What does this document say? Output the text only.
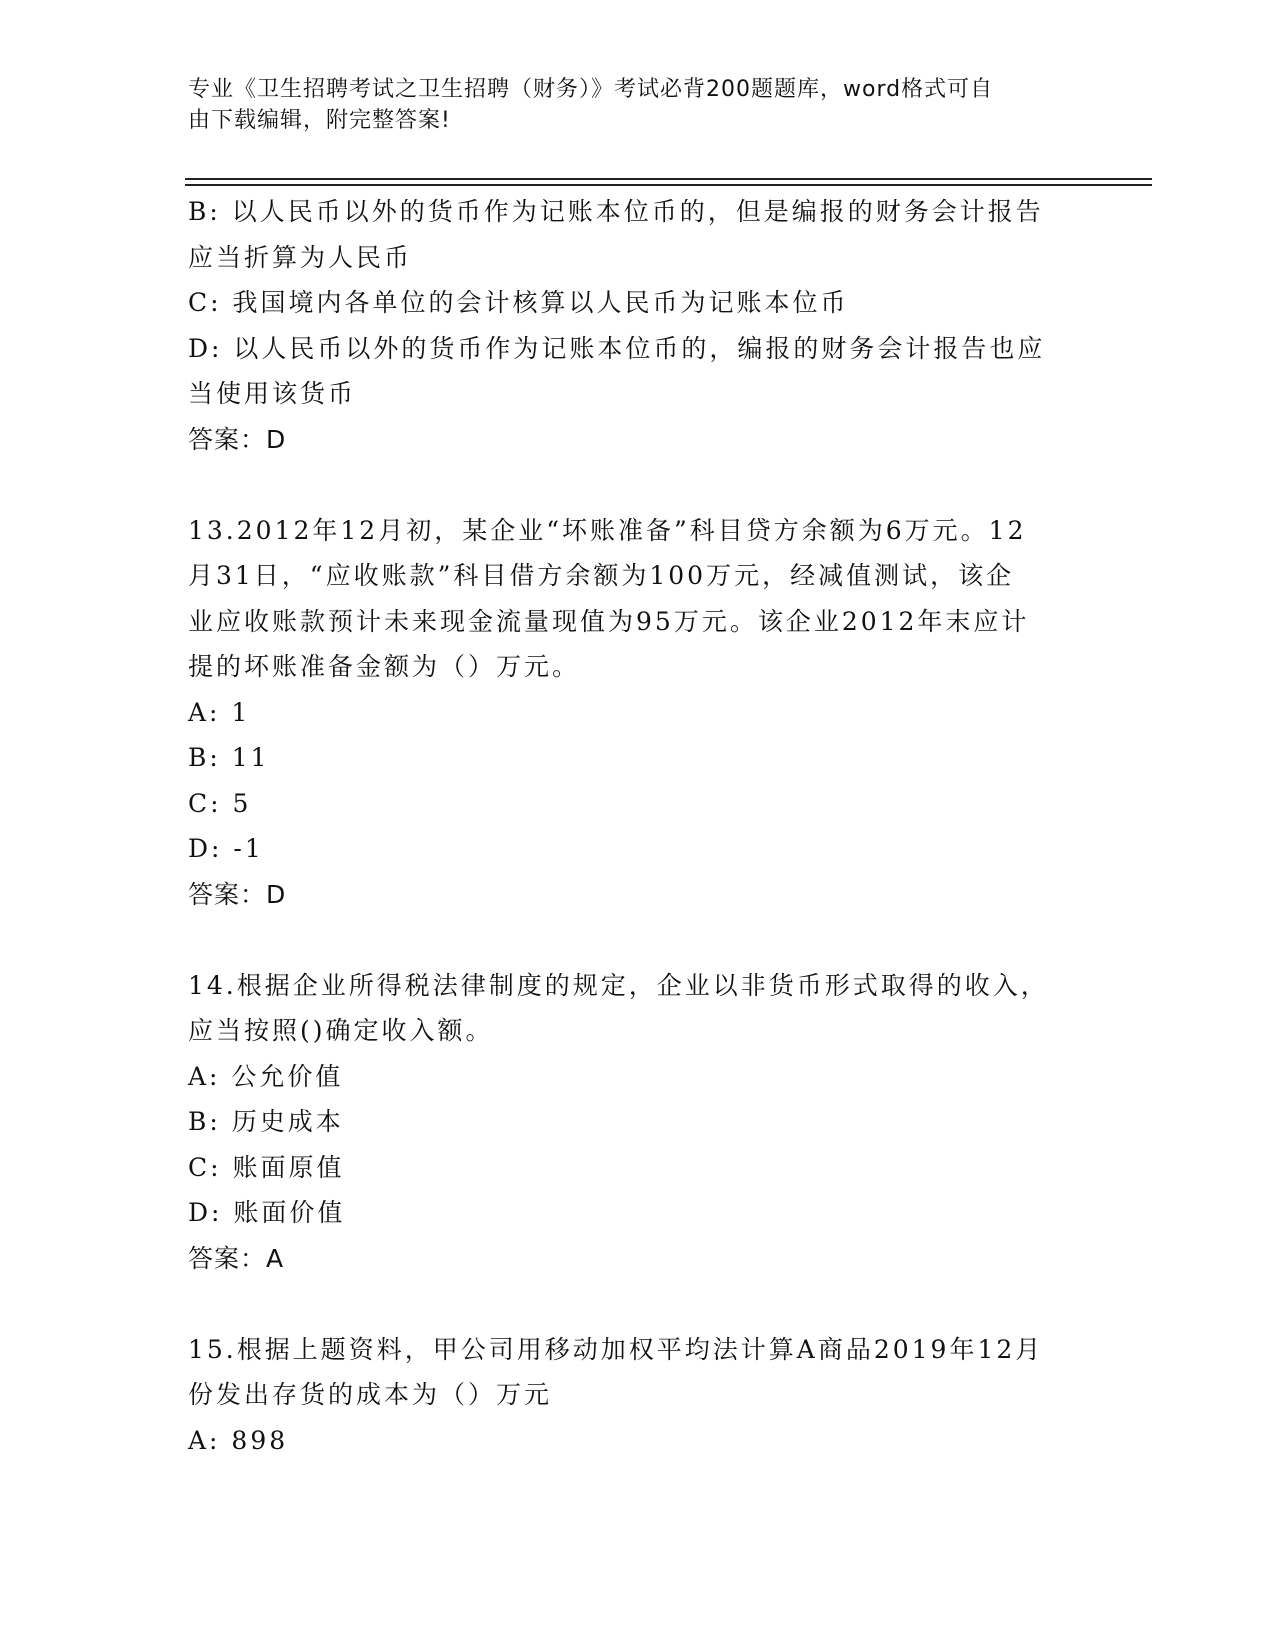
专业《卫生招聘考试之卫生招聘（财务）》考试必背200题题库，word格式可自
由下载编辑，附完整答案!
B: 以人民币以外的货币作为记账本位币的，但是编报的财务会计报告
应当折算为人民币
C: 我国境内各单位的会计核算以人民币为记账本位币
D: 以人民币以外的货币作为记账本位币的，编报的财务会计报告也应
当使用该货币
答案：D
13.2012年12月初，某企业“坏账准备”科目贷方余额为6万元。12
月31日，“应收账款”科目借方余额为100万元，经减值测试，该企
业应收账款预计未来现金流量现值为95万元。该企业2012年末应计
提的坏账准备金额为（）万元。
A: 1
B: 11
C: 5
D: -1
答案：D
14.根据企业所得税法律制度的规定，企业以非货币形式取得的收入，
应当按照()确定收入额。
A: 公允价值
B: 历史成本
C: 账面原值
D: 账面价值
答案：A
15.根据上题资料，甲公司用移动加权平均法计算A商品2019年12月
份发出存货的成本为（）万元
A: 898
